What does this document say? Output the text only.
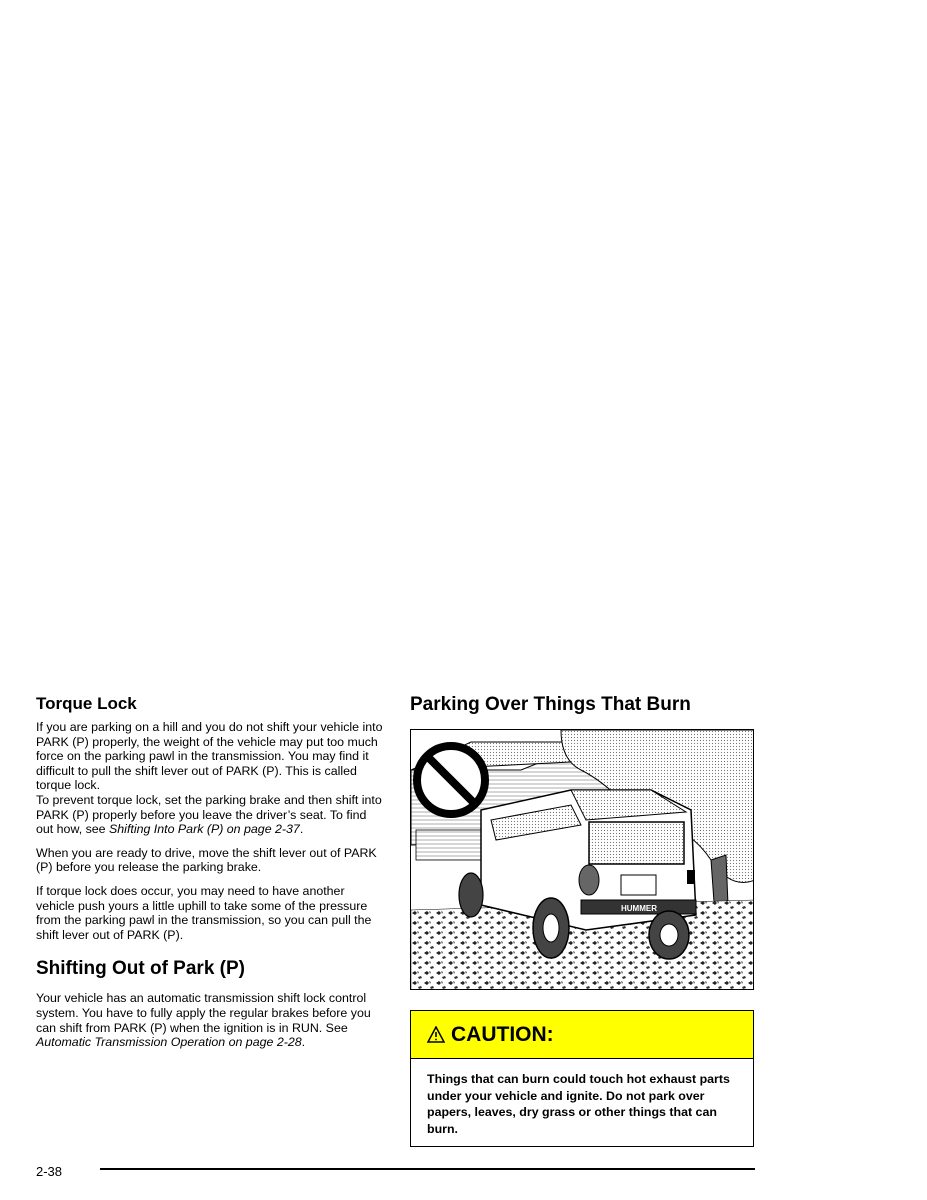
Torque Lock

If you are parking on a hill and you do not shift your vehicle into PARK (P) properly, the weight of the vehicle may put too much force on the parking pawl in the transmission. You may find it difficult to pull the shift lever out of PARK (P). This is called torque lock.

To prevent torque lock, set the parking brake and then shift into PARK (P) properly before you leave the driver’s seat. To find out how, see Shifting Into Park (P) on page 2-37.

When you are ready to drive, move the shift lever out of PARK (P) before you release the parking brake.

If torque lock does occur, you may need to have another vehicle push yours a little uphill to take some of the pressure from the parking pawl in the transmission, so you can pull the shift lever out of PARK (P).

Shifting Out of Park (P)

Your vehicle has an automatic transmission shift lock control system. You have to fully apply the regular brakes before you can shift from PARK (P) when the ignition is in RUN. See Automatic Transmission Operation on page 2-28.

Parking Over Things That Burn
HUMMER
CAUTION:
Things that can burn could touch hot exhaust parts under your vehicle and ignite. Do not park over papers, leaves, dry grass or other things that can burn.
2-38
